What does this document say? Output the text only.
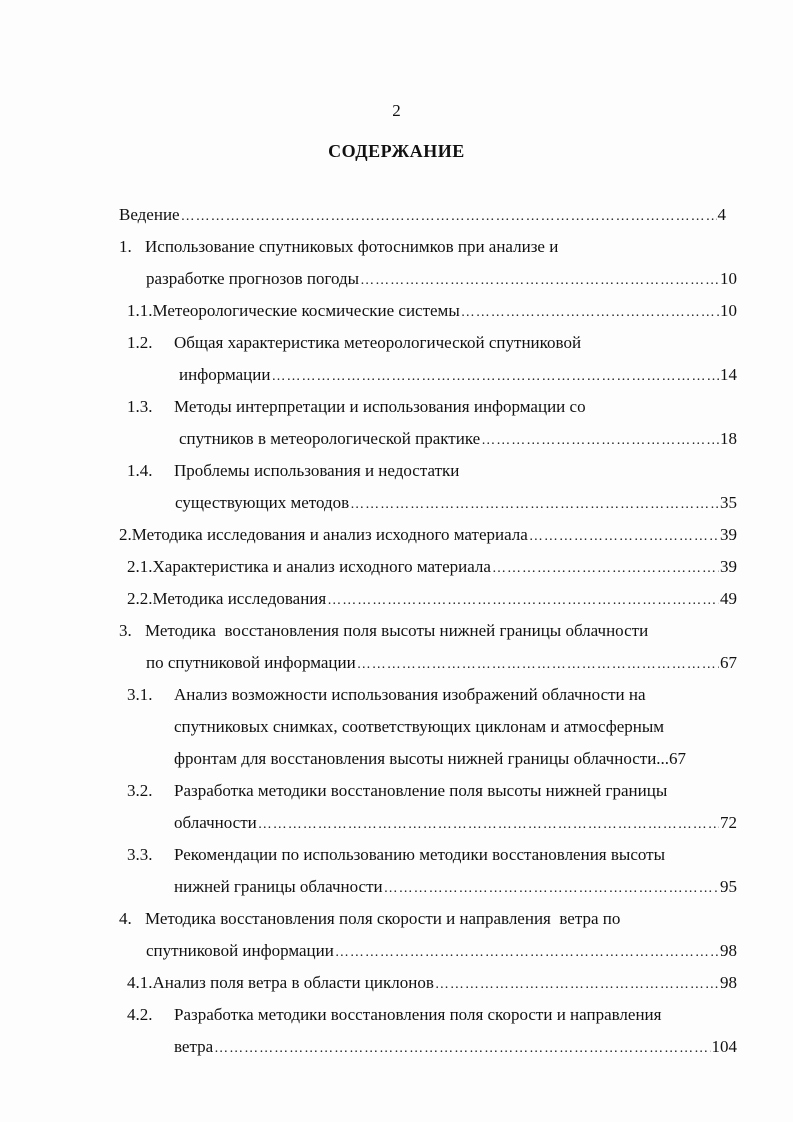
2
СОДЕРЖАНИЕ
Ведение ………………………………………………………………………………………………………………………………………………………………………	4
1. Использование спутниковых фотоснимков при анализе и
разработке прогнозов погоды ………………………………………………………………………………………………………………………………………………………………………	10
1.1. Метеорологические космические системы ………………………………………………………………………………………………………………………………………………………………………	10
1.2.	Общая характеристика метеорологической спутниковой
информации ………………………………………………………………………………………………………………………………………………………………………	14
1.3.	Методы интерпретации и использования информации со
спутников в метеорологической практике ………………………………………………………………………………………………………………………………………………………………………	18
1.4.	Проблемы использования и недостатки
существующих методов ………………………………………………………………………………………………………………………………………………………………………	35
2. Методика исследования и анализ исходного материала ………………………………………………………………………………………………………………………………………………………………………	39
2.1. Характеристика и анализ исходного материала ………………………………………………………………………………………………………………………………………………………………………	39
2.2. Методика исследования ………………………………………………………………………………………………………………………………………………………………………	49
3. Методика  восстановления поля высоты нижней границы облачности
по спутниковой информации ………………………………………………………………………………………………………………………………………………………………………	67
3.1.	Анализ возможности использования изображений облачности на
спутниковых снимках, соответствующих циклонам и атмосферным
фронтам для восстановления высоты нижней границы облачности...67
3.2.	Разработка методики восстановление поля высоты нижней границы
облачности ………………………………………………………………………………………………………………………………………………………………………	72
3.3.	Рекомендации по использованию методики восстановления высоты
нижней границы облачности ………………………………………………………………………………………………………………………………………………………………………	95
4. Методика восстановления поля скорости и направления  ветра по
спутниковой информации ………………………………………………………………………………………………………………………………………………………………………	98
4.1. Анализ поля ветра в области циклонов ………………………………………………………………………………………………………………………………………………………………………	98
4.2.	Разработка методики восстановления поля скорости и направления
ветра ………………………………………………………………………………………………………………………………………………………………………	104
